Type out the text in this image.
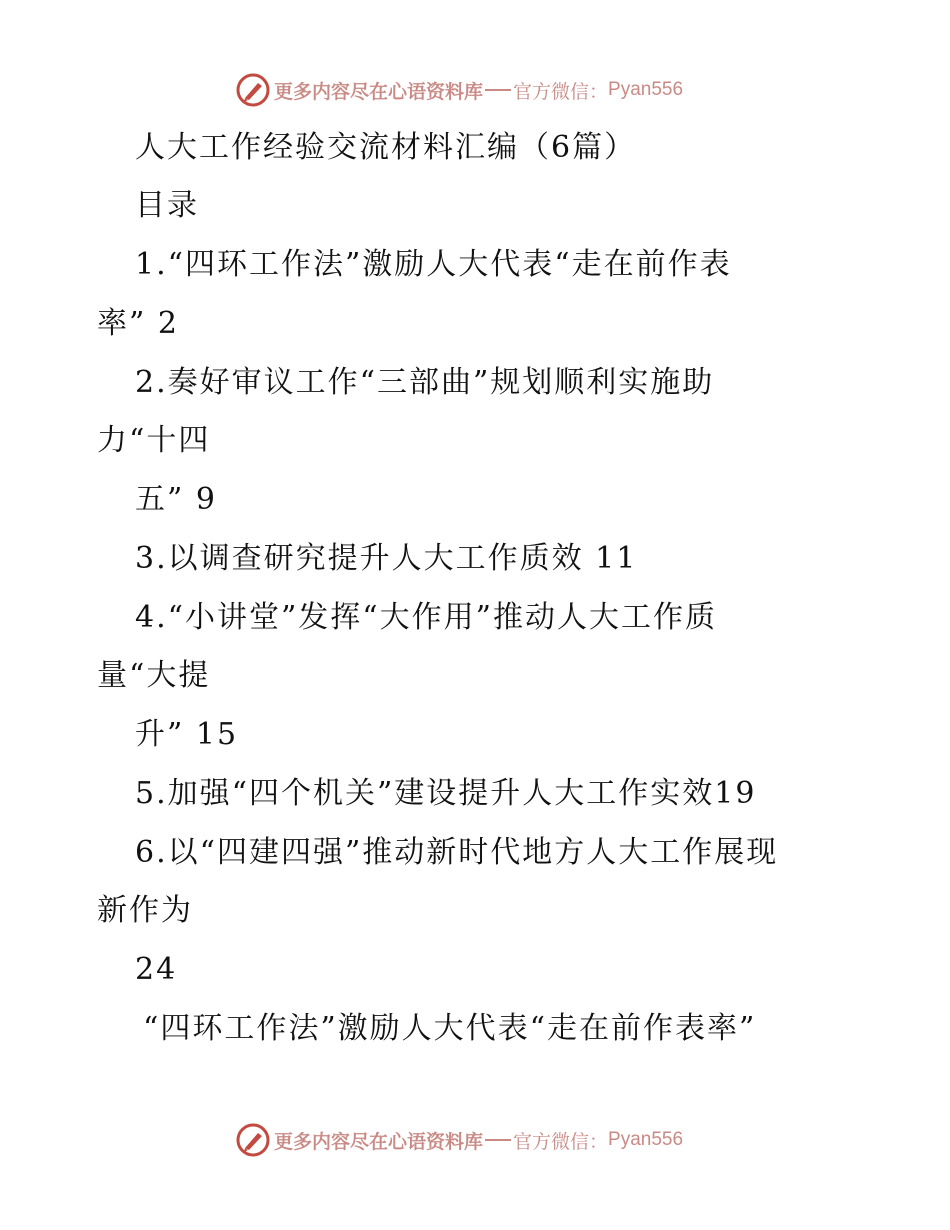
更多内容尽在心语资料库 官方微信： Pyan556
人大工作经验交流材料汇编（6篇）
目录
1.“四环工作法”激励人大代表“走在前作表
率” 2
2.奏好审议工作“三部曲”规划顺利实施助
力“十四
五” 9
3.以调查研究提升人大工作质效 11
4.“小讲堂”发挥“大作用”推动人大工作质
量“大提
升” 15
5.加强“四个机关”建设提升人大工作实效19
6.以“四建四强”推动新时代地方人大工作展现
新作为
24
“四环工作法”激励人大代表“走在前作表率”
更多内容尽在心语资料库 官方微信： Pyan556
